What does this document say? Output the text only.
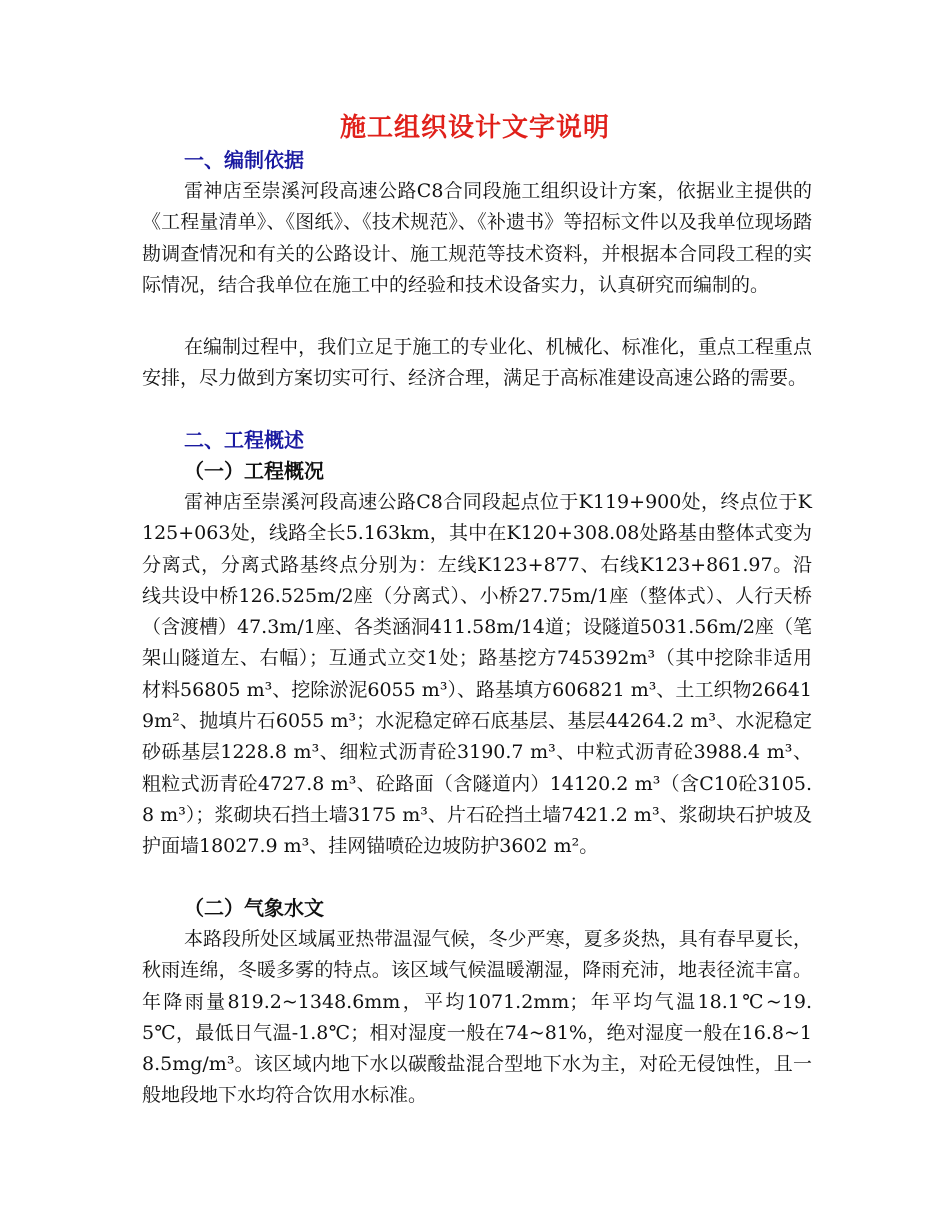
施工组织设计文字说明
一、编制依据

雷神店至崇溪河段高速公路C8合同段施工组织设计方案，依据业主提供的《工程量清单》、《图纸》、《技术规范》、《补遗书》等招标文件以及我单位现场踏勘调查情况和有关的公路设计、施工规范等技术资料，并根据本合同段工程的实际情况，结合我单位在施工中的经验和技术设备实力，认真研究而编制的。

在编制过程中，我们立足于施工的专业化、机械化、标准化，重点工程重点安排，尽力做到方案切实可行、经济合理，满足于高标准建设高速公路的需要。

二、工程概述
（一）工程概况

雷神店至崇溪河段高速公路C8合同段起点位于K119+900处，终点位于K125+063处，线路全长5.163km，其中在K120+308.08处路基由整体式变为分离式，分离式路基终点分别为：左线K123+877、右线K123+861.97。沿线共设中桥126.525m/2座（分离式）、小桥27.75m/1座（整体式）、人行天桥（含渡槽）47.3m/1座、各类涵洞411.58m/14道；设隧道5031.56m/2座（笔架山隧道左、右幅）；互通式立交1处；路基挖方745392m³（其中挖除非适用材料56805 m³、挖除淤泥6055 m³）、路基填方606821 m³、土工织物266419m²、抛填片石6055 m³；水泥稳定碎石底基层、基层44264.2 m³、水泥稳定砂砾基层1228.8 m³、细粒式沥青砼3190.7 m³、中粒式沥青砼3988.4 m³、粗粒式沥青砼4727.8 m³、砼路面（含隧道内）14120.2 m³（含C10砼3105.8 m³）；浆砌块石挡土墙3175 m³、片石砼挡土墙7421.2 m³、浆砌块石护坡及护面墙18027.9 m³、挂网锚喷砼边坡防护3602 m²。

（二）气象水文

本路段所处区域属亚热带温湿气候，冬少严寒，夏多炎热，具有春早夏长，秋雨连绵，冬暖多雾的特点。该区域气候温暖潮湿，降雨充沛，地表径流丰富。年降雨量819.2~1348.6mm，平均1071.2mm；年平均气温18.1℃~19.5℃，最低日气温-1.8℃；相对湿度一般在74~81%，绝对湿度一般在16.8~18.5mg/m³。该区域内地下水以碳酸盐混合型地下水为主，对砼无侵蚀性，且一般地段地下水均符合饮用水标准。
